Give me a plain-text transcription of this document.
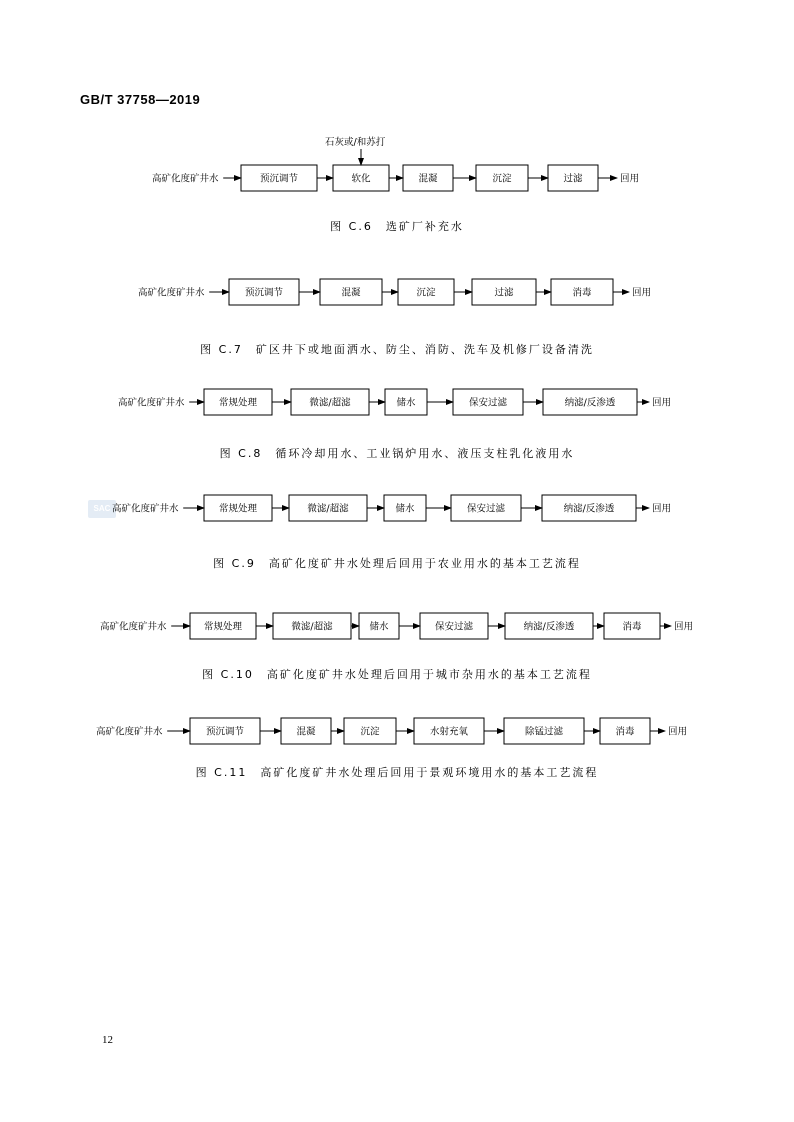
GB/T 37758—2019
SAC
高矿化度矿井水	预沉调节	软化	混凝	沉淀	过滤	回用
石灰或/和苏打
图 C.6　选矿厂补充水
高矿化度矿井水	预沉调节	混凝	沉淀	过滤	消毒	回用
图 C.7　矿区井下或地面洒水、防尘、消防、洗车及机修厂设备清洗
高矿化度矿井水	常规处理	微滤/超滤	储水	保安过滤	纳滤/反渗透	回用
图 C.8　循环冷却用水、工业锅炉用水、液压支柱乳化液用水
高矿化度矿井水	常规处理	微滤/超滤	储水	保安过滤	纳滤/反渗透	回用
图 C.9　高矿化度矿井水处理后回用于农业用水的基本工艺流程
高矿化度矿井水	常规处理	微滤/超滤	储水	保安过滤	纳滤/反渗透	消毒	回用
图 C.10　高矿化度矿井水处理后回用于城市杂用水的基本工艺流程
高矿化度矿井水	预沉调节	混凝	沉淀	水射充氧	除锰过滤	消毒	回用
图 C.11　高矿化度矿井水处理后回用于景观环境用水的基本工艺流程
12
